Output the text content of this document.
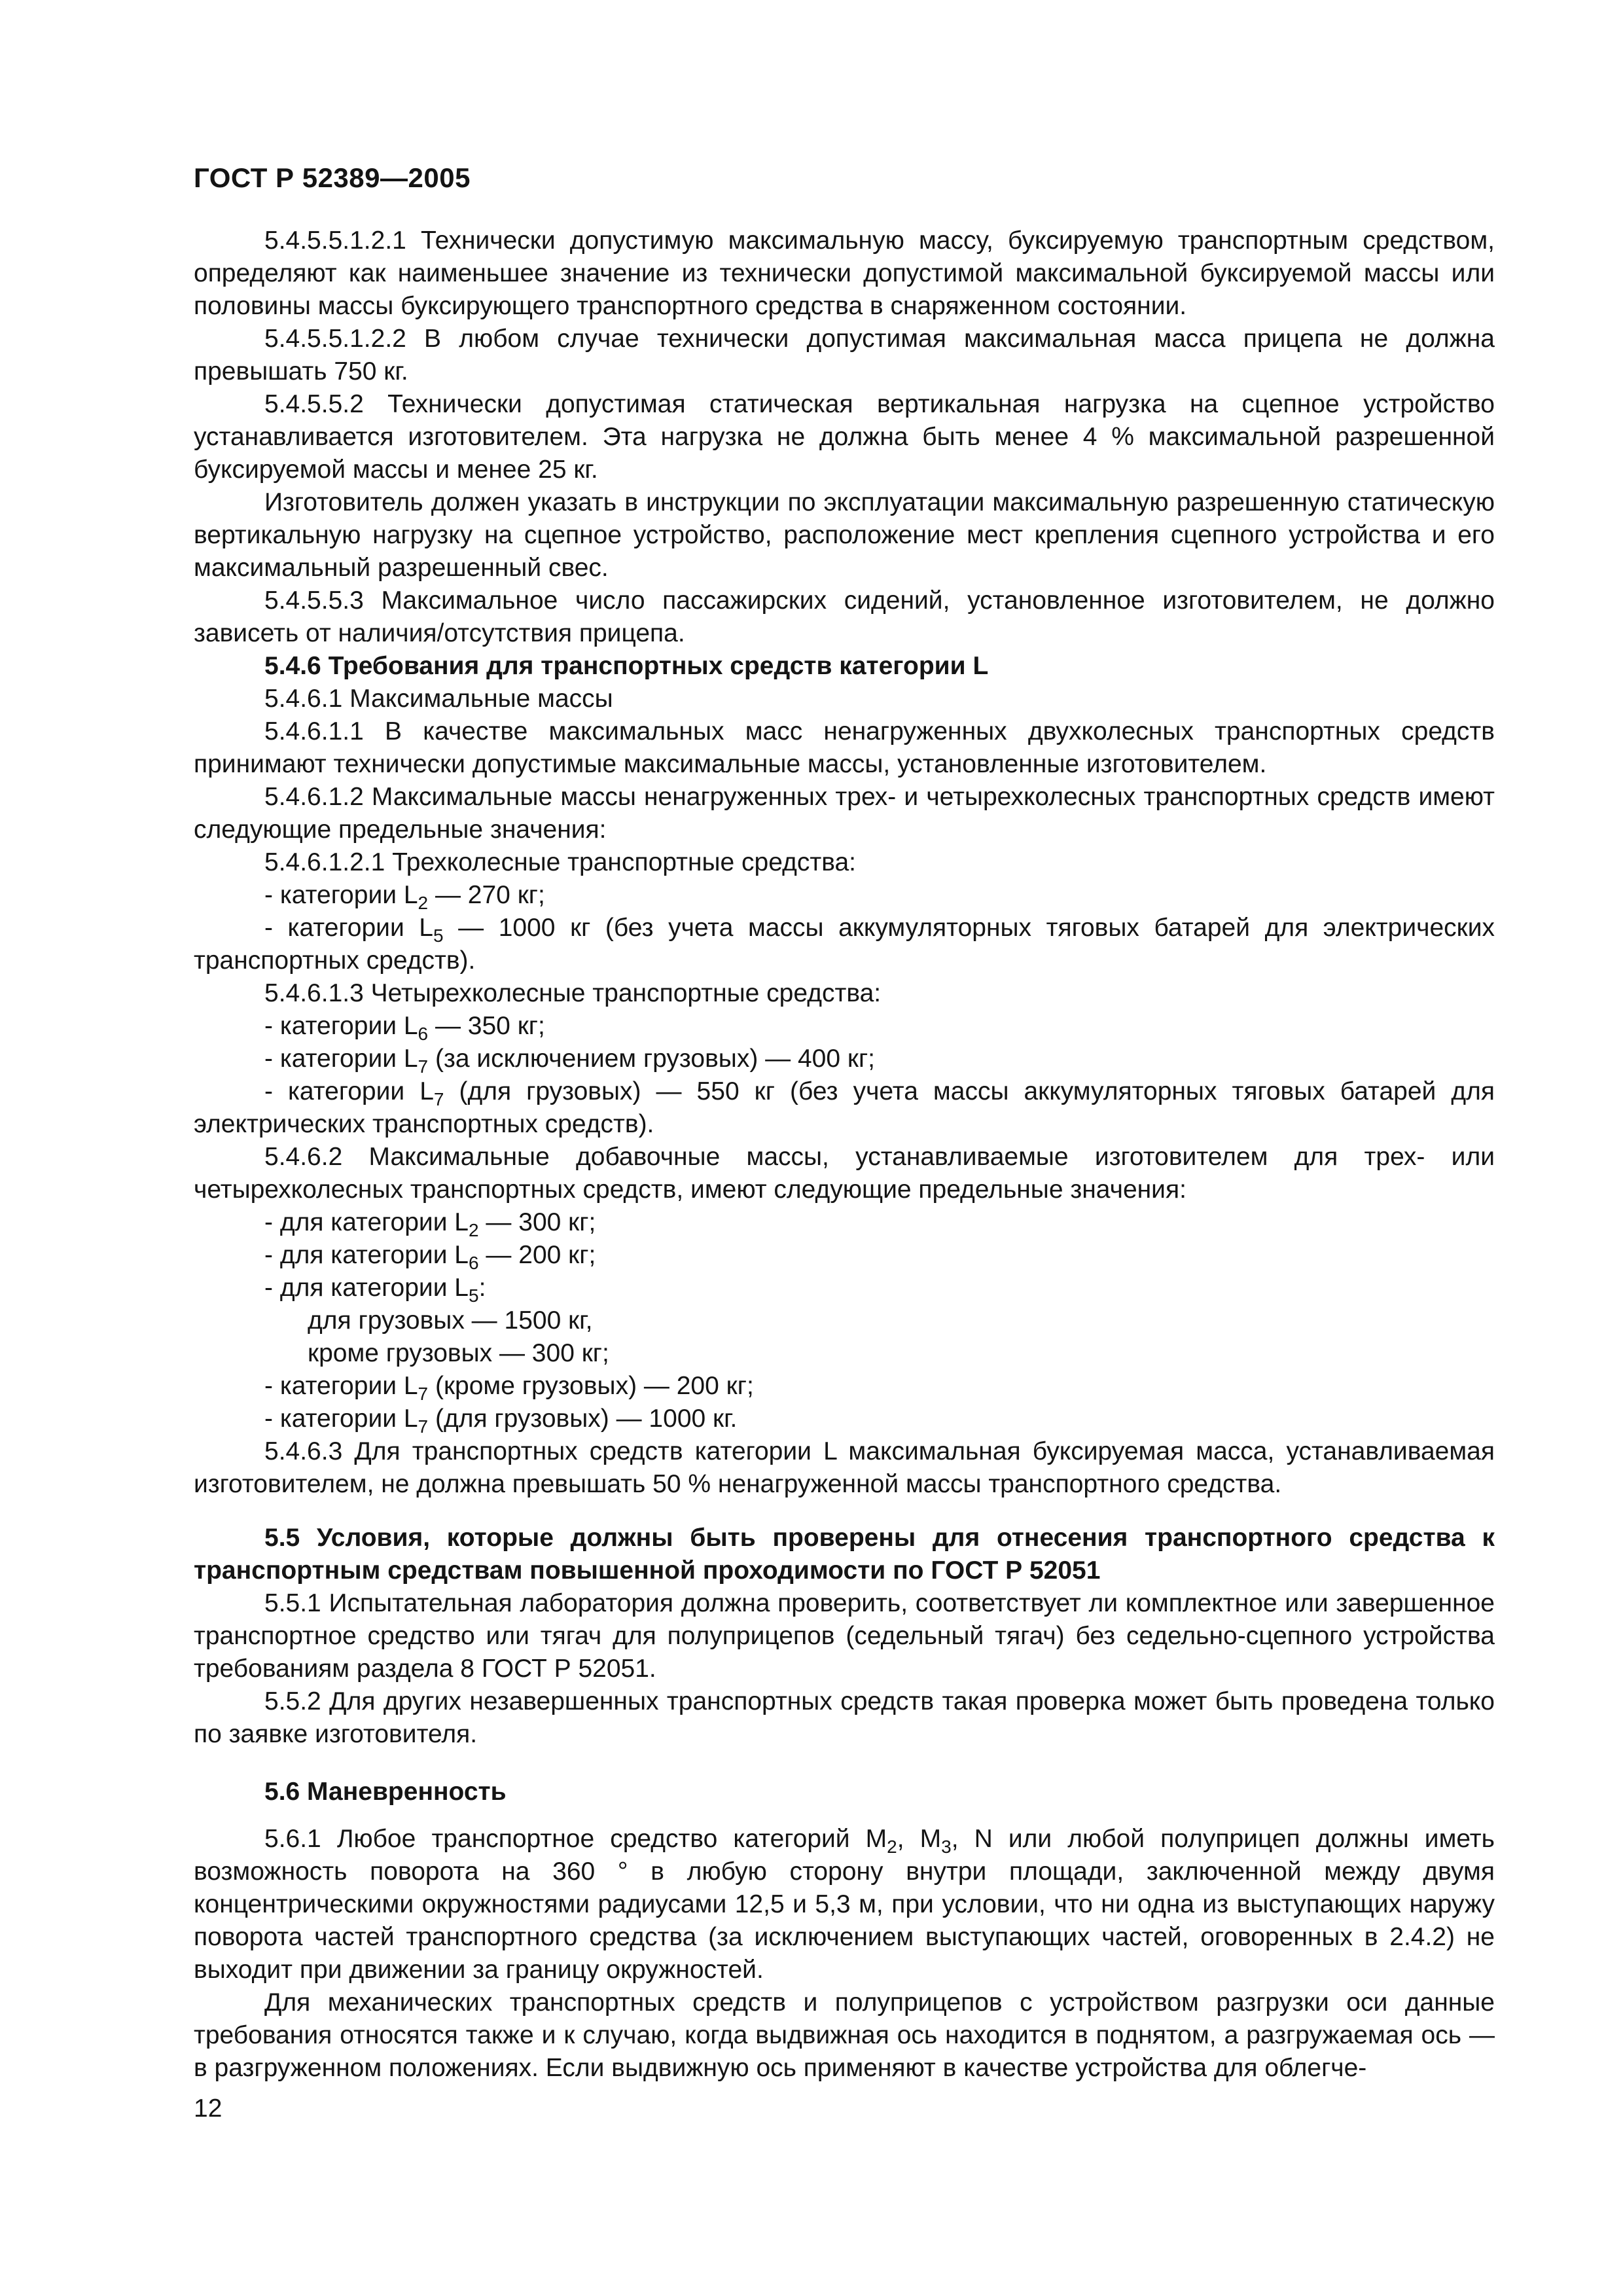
ГОСТ Р 52389—2005

5.4.5.5.1.2.1 Технически допустимую максимальную массу, буксируемую транспортным средством, определяют как наименьшее значение из технически допустимой максимальной буксируемой массы или половины массы буксирующего транспортного средства в снаряженном состоянии.

5.4.5.5.1.2.2 В любом случае технически допустимая максимальная масса прицепа не должна превышать 750 кг.

5.4.5.5.2 Технически допустимая статическая вертикальная нагрузка на сцепное устройство устанавливается изготовителем. Эта нагрузка не должна быть менее 4 % максимальной разрешенной буксируемой массы и менее 25 кг.

Изготовитель должен указать в инструкции по эксплуатации максимальную разрешенную статическую вертикальную нагрузку на сцепное устройство, расположение мест крепления сцепного устройства и его максимальный разрешенный свес.

5.4.5.5.3 Максимальное число пассажирских сидений, установленное изготовителем, не должно зависеть от наличия/отсутствия прицепа.

5.4.6 Требования для транспортных средств категории L

5.4.6.1 Максимальные массы

5.4.6.1.1 В качестве максимальных масс ненагруженных двухколесных транспортных средств принимают технически допустимые максимальные массы, установленные изготовителем.

5.4.6.1.2 Максимальные массы ненагруженных трех- и четырехколесных транспортных средств имеют следующие предельные значения:

5.4.6.1.2.1 Трехколесные транспортные средства:

- категории $L_2$ — 270 кг;

- категории $L_5$ — 1000 кг (без учета массы аккумуляторных тяговых батарей для электрических транспортных средств).

5.4.6.1.3 Четырехколесные транспортные средства:

- категории $L_6$ — 350 кг;

- категории $L_7$ (за исключением грузовых) — 400 кг;

- категории $L_7$ (для грузовых) — 550 кг (без учета массы аккумуляторных тяговых батарей для электрических транспортных средств).

5.4.6.2 Максимальные добавочные массы, устанавливаемые изготовителем для трех- или четырехколесных транспортных средств, имеют следующие предельные значения:

- для категории $L_2$ — 300 кг;

- для категории $L_6$ — 200 кг;

- для категории $L_5$:

для грузовых — 1500 кг,

кроме грузовых — 300 кг;

- категории $L_7$ (кроме грузовых) — 200 кг;

- категории $L_7$ (для грузовых) — 1000 кг.

5.4.6.3 Для транспортных средств категории L максимальная буксируемая масса, устанавливаемая изготовителем, не должна превышать 50 % ненагруженной массы транспортного средства.

5.5 Условия, которые должны быть проверены для отнесения транспортного средства к транспортным средствам повышенной проходимости по ГОСТ Р 52051

5.5.1 Испытательная лаборатория должна проверить, соответствует ли комплектное или завершенное транспортное средство или тягач для полуприцепов (седельный тягач) без седельно-сцепного устройства требованиям раздела 8 ГОСТ Р 52051.

5.5.2 Для других незавершенных транспортных средств такая проверка может быть проведена только по заявке изготовителя.

5.6 Маневренность

5.6.1 Любое транспортное средство категорий $M_2$, $M_3$, N или любой полуприцеп должны иметь возможность поворота на 360 ° в любую сторону внутри площади, заключенной между двумя концентрическими окружностями радиусами 12,5 и 5,3 м, при условии, что ни одна из выступающих наружу поворота частей транспортного средства (за исключением выступающих частей, оговоренных в 2.4.2) не выходит при движении за границу окружностей.

Для механических транспортных средств и полуприцепов с устройством разгрузки оси данные требования относятся также и к случаю, когда выдвижная ось находится в поднятом, а разгружаемая ось — в разгруженном положениях. Если выдвижную ось применяют в качестве устройства для облегче-

12
